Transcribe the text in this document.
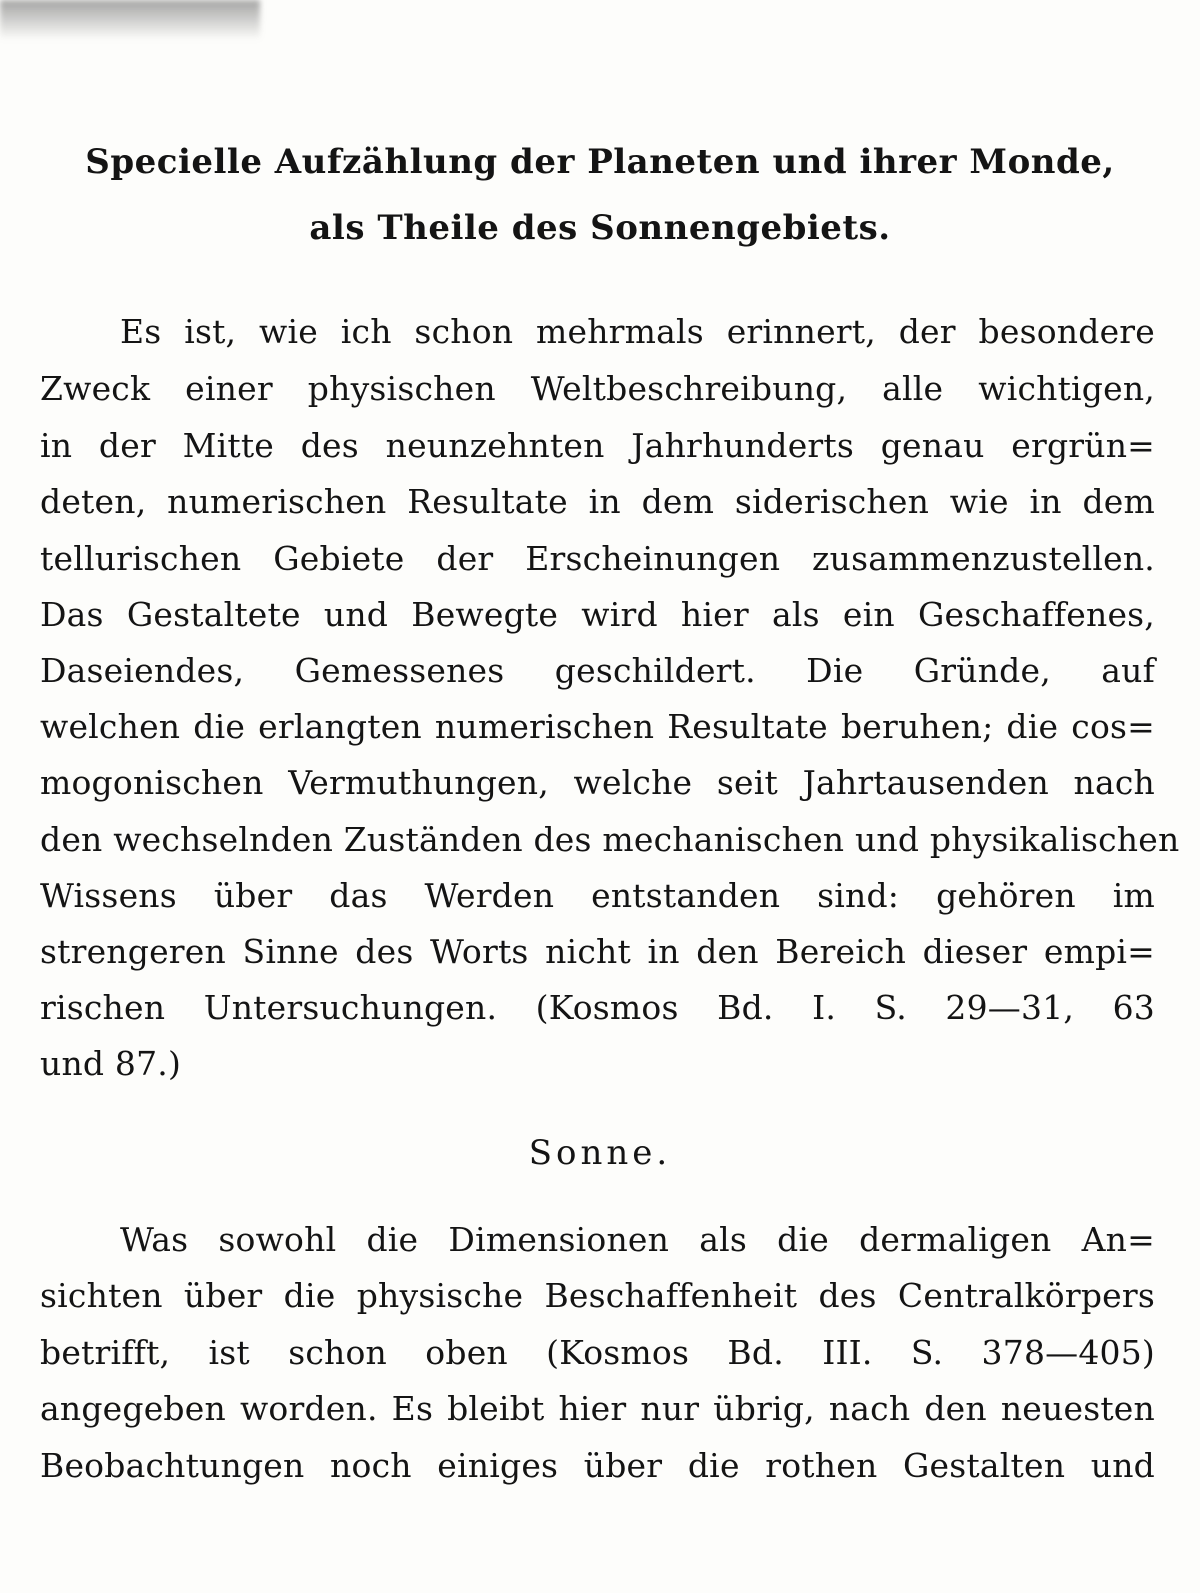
Specielle Aufzählung der Planeten und ihrer Monde,
als Theile des Sonnengebiets.
Es ist, wie ich schon mehrmals erinnert, der besondere
Zweck einer physischen Weltbeschreibung, alle wichtigen,
in der Mitte des neunzehnten Jahrhunderts genau ergrün=
deten, numerischen Resultate in dem siderischen wie in dem
tellurischen Gebiete der Erscheinungen zusammenzustellen.
Das Gestaltete und Bewegte wird hier als ein Geschaffenes,
Daseiendes, Gemessenes geschildert. Die Gründe, auf
welchen die erlangten numerischen Resultate beruhen; die cos=
mogonischen Vermuthungen, welche seit Jahrtausenden nach
den wechselnden Zuständen des mechanischen und physikalischen
Wissens über das Werden entstanden sind: gehören im
strengeren Sinne des Worts nicht in den Bereich dieser empi=
rischen Untersuchungen. (Kosmos Bd. I. S. 29—31, 63
und 87.)
Sonne.
Was sowohl die Dimensionen als die dermaligen An=
sichten über die physische Beschaffenheit des Centralkörpers
betrifft, ist schon oben (Kosmos Bd. III. S. 378—405)
angegeben worden. Es bleibt hier nur übrig, nach den neuesten
Beobachtungen noch einiges über die rothen Gestalten und
